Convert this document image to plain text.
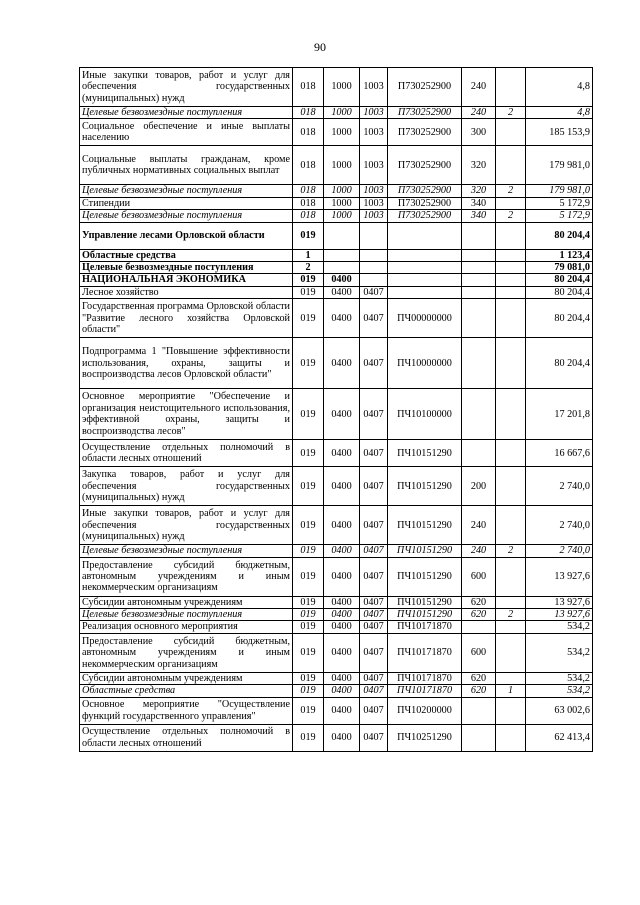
90
Иные закупки товаров, работ и услуг для обеспечения государственных (муниципальных) нужд	018	1000	1003	П730252900	240		4,8
Целевые безвозмездные поступления	018	1000	1003	П730252900	240	2	4,8
Социальное обеспечение и иные выплаты населению	018	1000	1003	П730252900	300		185 153,9
Социальные выплаты гражданам, кроме публичных нормативных социальных выплат	018	1000	1003	П730252900	320		179 981,0
Целевые безвозмездные поступления	018	1000	1003	П730252900	320	2	179 981,0
Стипендии	018	1000	1003	П730252900	340		5 172,9
Целевые безвозмездные поступления	018	1000	1003	П730252900	340	2	5 172,9
Управление лесами Орловской области	019						80 204,4
Областные средства	1						1 123,4
Целевые безвозмездные поступления	2						79 081,0
НАЦИОНАЛЬНАЯ ЭКОНОМИКА	019	0400					80 204,4
Лесное хозяйство	019	0400	0407				80 204,4
Государственная программа Орловской области "Развитие лесного хозяйства Орловской области"	019	0400	0407	ПЧ00000000			80 204,4
Подпрограмма 1 "Повышение эффективности использования, охраны, защиты и воспроизводства лесов Орловской области"	019	0400	0407	ПЧ10000000			80 204,4
Основное мероприятие "Обеспечение и организация неистощительного использования, эффективной охраны, защиты и воспроизводства лесов"	019	0400	0407	ПЧ10100000			17 201,8
Осуществление отдельных полномочий в области лесных отношений	019	0400	0407	ПЧ10151290			16 667,6
Закупка товаров, работ и услуг для обеспечения государственных (муниципальных) нужд	019	0400	0407	ПЧ10151290	200		2 740,0
Иные закупки товаров, работ и услуг для обеспечения государственных (муниципальных) нужд	019	0400	0407	ПЧ10151290	240		2 740,0
Целевые безвозмездные поступления	019	0400	0407	ПЧ10151290	240	2	2 740,0
Предоставление субсидий бюджетным, автономным учреждениям и иным некоммерческим организациям	019	0400	0407	ПЧ10151290	600		13 927,6
Субсидии автономным учреждениям	019	0400	0407	ПЧ10151290	620		13 927,6
Целевые безвозмездные поступления	019	0400	0407	ПЧ10151290	620	2	13 927,6
Реализация основного мероприятия	019	0400	0407	ПЧ10171870			534,2
Предоставление субсидий бюджетным, автономным учреждениям и иным некоммерческим организациям	019	0400	0407	ПЧ10171870	600		534,2
Субсидии автономным учреждениям	019	0400	0407	ПЧ10171870	620		534,2
Областные средства	019	0400	0407	ПЧ10171870	620	1	534,2
Основное мероприятие "Осуществление функций государственного управления"	019	0400	0407	ПЧ10200000			63 002,6
Осуществление отдельных полномочий в области лесных отношений	019	0400	0407	ПЧ10251290			62 413,4
